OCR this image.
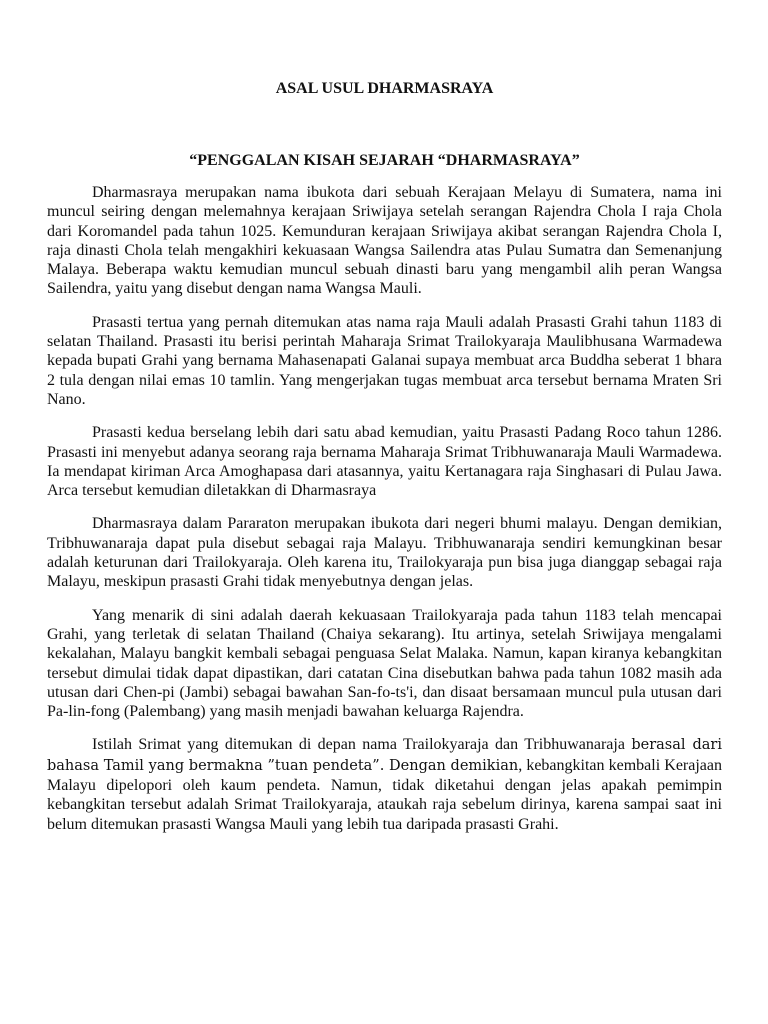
ASAL USUL DHARMASRAYA
“PENGGALAN KISAH SEJARAH “DHARMASRAYA”

Dharmasraya merupakan nama ibukota dari sebuah Kerajaan Melayu di Sumatera, nama ini muncul seiring dengan melemahnya kerajaan Sriwijaya setelah serangan Rajendra Chola I raja Chola dari Koromandel pada tahun 1025. Kemunduran kerajaan Sriwijaya akibat serangan Rajendra Chola I, raja dinasti Chola telah mengakhiri kekuasaan Wangsa Sailendra atas Pulau Sumatra dan Semenanjung Malaya. Beberapa waktu kemudian muncul sebuah dinasti baru yang mengambil alih peran Wangsa Sailendra, yaitu yang disebut dengan nama Wangsa Mauli.

Prasasti tertua yang pernah ditemukan atas nama raja Mauli adalah Prasasti Grahi tahun 1183 di selatan Thailand. Prasasti itu berisi perintah Maharaja Srimat Trailokyaraja Maulibhusana Warmadewa kepada bupati Grahi yang bernama Mahasenapati Galanai supaya membuat arca Buddha seberat 1 bhara 2 tula dengan nilai emas 10 tamlin. Yang mengerjakan tugas membuat arca tersebut bernama Mraten Sri Nano.

Prasasti kedua berselang lebih dari satu abad kemudian, yaitu Prasasti Padang Roco tahun 1286. Prasasti ini menyebut adanya seorang raja bernama Maharaja Srimat Tribhuwanaraja Mauli Warmadewa. Ia mendapat kiriman Arca Amoghapasa dari atasannya, yaitu Kertanagara raja Singhasari di Pulau Jawa. Arca tersebut kemudian diletakkan di Dharmasraya

Dharmasraya dalam Pararaton merupakan ibukota dari negeri bhumi malayu. Dengan demikian, Tribhuwanaraja dapat pula disebut sebagai raja Malayu. Tribhuwanaraja sendiri kemungkinan besar adalah keturunan dari Trailokyaraja. Oleh karena itu, Trailokyaraja pun bisa juga dianggap sebagai raja Malayu, meskipun prasasti Grahi tidak menyebutnya dengan jelas.

Yang menarik di sini adalah daerah kekuasaan Trailokyaraja pada tahun 1183 telah mencapai Grahi, yang terletak di selatan Thailand (Chaiya sekarang). Itu artinya, setelah Sriwijaya mengalami kekalahan, Malayu bangkit kembali sebagai penguasa Selat Malaka. Namun, kapan kiranya kebangkitan tersebut dimulai tidak dapat dipastikan, dari catatan Cina disebutkan bahwa pada tahun 1082 masih ada utusan dari Chen-pi (Jambi) sebagai bawahan San-fo-ts'i, dan disaat bersamaan muncul pula utusan dari Pa-lin-fong (Palembang) yang masih menjadi bawahan keluarga Rajendra.

Istilah Srimat yang ditemukan di depan nama Trailokyaraja dan Tribhuwanaraja berasal dari bahasa Tamil yang bermakna ”tuan pendeta”. Dengan demikian, kebangkitan kembali Kerajaan Malayu dipelopori oleh kaum pendeta. Namun, tidak diketahui dengan jelas apakah pemimpin kebangkitan tersebut adalah Srimat Trailokyaraja, ataukah raja sebelum dirinya, karena sampai saat ini belum ditemukan prasasti Wangsa Mauli yang lebih tua daripada prasasti Grahi.
